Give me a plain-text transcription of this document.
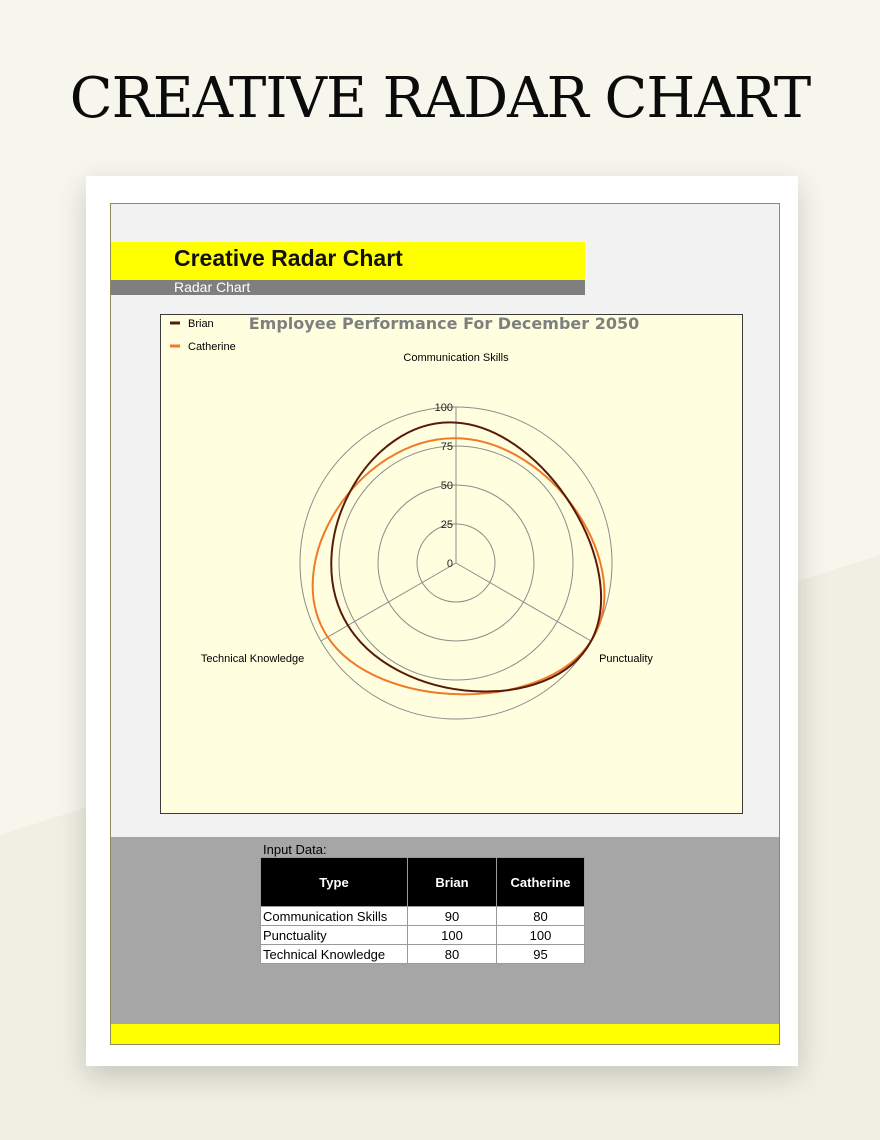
CREATIVE RADAR CHART
Creative Radar Chart
Radar Chart
Employee Performance For December 2050
0
25
50
75
100
Communication Skills
Punctuality
Technical Knowledge
Brian
Catherine
Input Data:
Type	Brian	Catherine
Communication Skills	90	80
Punctuality	100	100
Technical Knowledge	80	95
